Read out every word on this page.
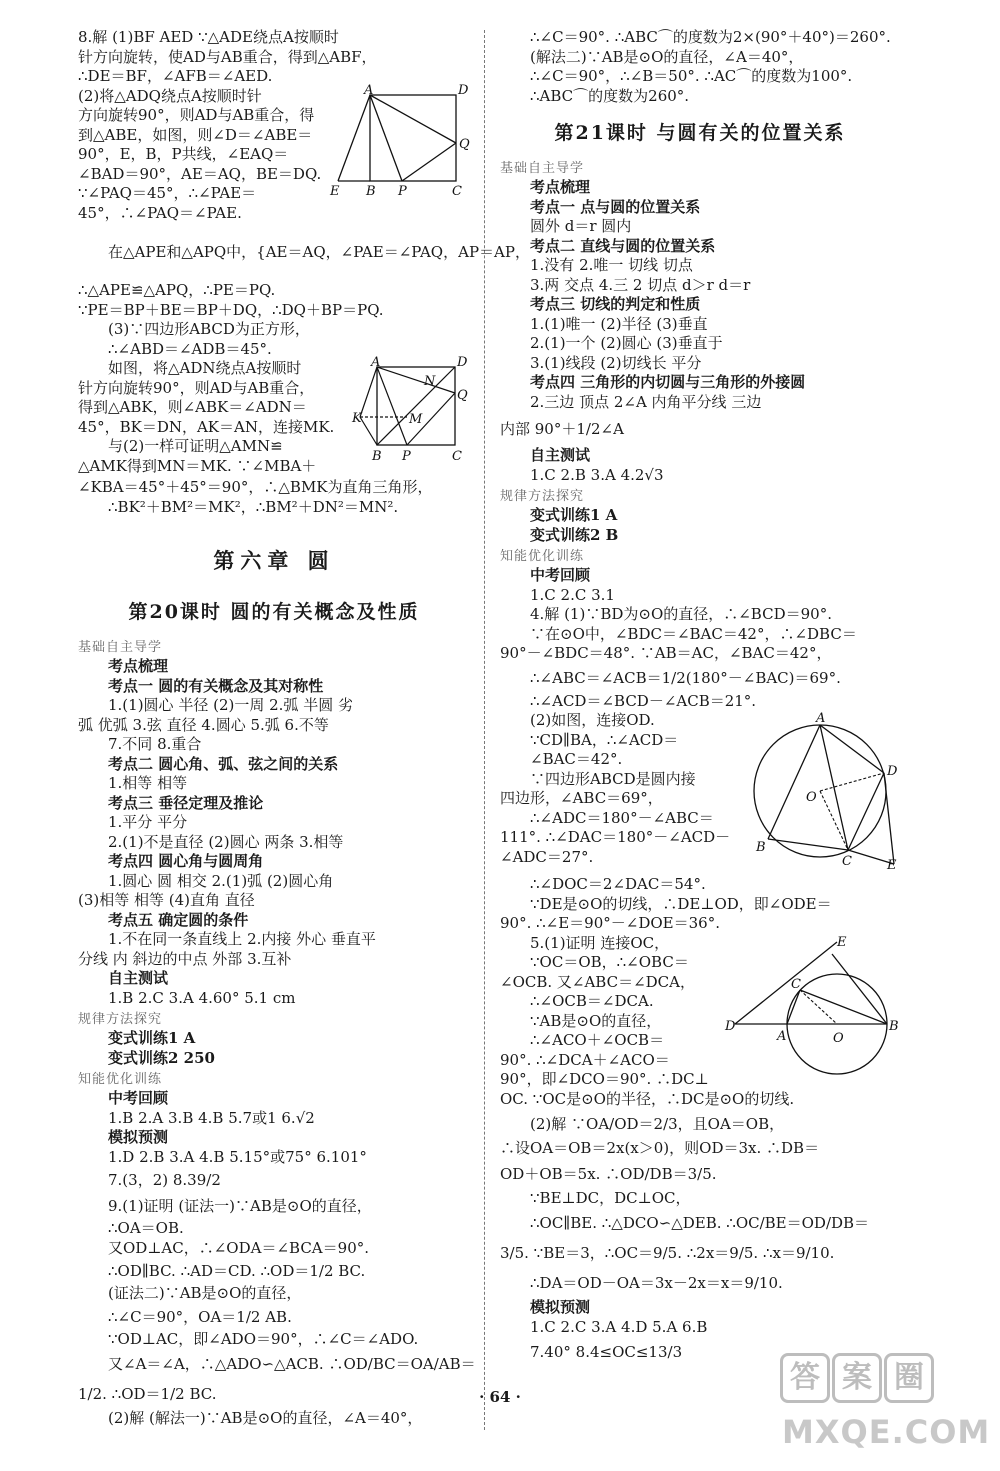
8.解 (1)BF AED ∵△ADE绕点A按顺时
针方向旋转，使AD与AB重合，得到△ABF，
∴DE＝BF，∠AFB＝∠AED.
(2)将△ADQ绕点A按顺时针
方向旋转90°，则AD与AB重合，得
到△ABE，如图，则∠D＝∠ABE＝
90°，E，B，P共线，∠EAQ＝
∠BAD＝90°，AE＝AQ，BE＝DQ.
∵∠PAQ＝45°，∴∠PAE＝
45°，∴∠PAQ＝∠PAE.
A	D
Q
E B P	C
在△APE和△APQ中，{AE＝AQ，∠PAE＝∠PAQ，AP＝AP，
∴△APE≌△APQ，∴PE＝PQ.
∵PE＝BP＋BE＝BP＋DQ，∴DQ＋BP＝PQ.
(3)∵四边形ABCD为正方形，
∴∠ABD＝∠ADB＝45°.
如图，将△ADN绕点A按顺时
针方向旋转90°，则AD与AB重合，
得到△ABK，则∠ABK＝∠ADN＝
45°，BK＝DN，AK＝AN，连接MK.
与(2)一样可证明△AMN≌
△AMK得到MN＝MK. ∵∠MBA＋
A	D
N
Q
K	M
B P	C
∠KBA＝45°＋45°＝90°，∴△BMK为直角三角形，
∴BK²＋BM²＝MK²，∴BM²＋DN²＝MN².
第六章 圆
第20课时 圆的有关概念及性质
基础自主导学
考点梳理
考点一 圆的有关概念及其对称性
1.(1)圆心 半径 (2)一周 2.弧 半圆 劣
弧 优弧 3.弦 直径 4.圆心 5.弧 6.不等
7.不同 8.重合
考点二 圆心角、弧、弦之间的关系
1.相等 相等
考点三 垂径定理及推论
1.平分 平分
2.(1)不是直径 (2)圆心 两条 3.相等
考点四 圆心角与圆周角
1.圆心 圆 相交 2.(1)弧 (2)圆心角
(3)相等 相等 (4)直角 直径
考点五 确定圆的条件
1.不在同一条直线上 2.内接 外心 垂直平
分线 内 斜边的中点 外部 3.互补
自主测试
1.B 2.C 3.A 4.60° 5.1 cm
规律方法探究
变式训练1 A
变式训练2 250
知能优化训练
中考回顾
1.B 2.A 3.B 4.B 5.7或1 6.√2
模拟预测
1.D 2.B 3.A 4.B 5.15°或75° 6.101°
7.(3，2) 8.39/2
9.(1)证明 (证法一)∵AB是⊙O的直径，
∴OA＝OB.
又OD⊥AC，∴∠ODA＝∠BCA＝90°.
∴OD∥BC. ∴AD＝CD. ∴OD＝1/2 BC.
(证法二)∵AB是⊙O的直径，
∴∠C＝90°，OA＝1/2 AB.
∵OD⊥AC，即∠ADO＝90°，∴∠C＝∠ADO.
又∠A＝∠A，∴△ADO∽△ACB. ∴OD/BC＝OA/AB＝
1/2. ∴OD＝1/2 BC.
(2)解 (解法一)∵AB是⊙O的直径，∠A＝40°，
∴∠C＝90°. ∴ABC⌒的度数为2×(90°＋40°)＝260°.
(解法二)∵AB是⊙O的直径，∠A＝40°，
∴∠C＝90°，∴∠B＝50°. ∴AC⌒的度数为100°.
∴ABC⌒的度数为260°.
第21课时 与圆有关的位置关系
基础自主导学
考点梳理
考点一 点与圆的位置关系
圆外 d＝r 圆内
考点二 直线与圆的位置关系
1.没有 2.唯一 切线 切点
3.两 交点 4.三 2 切点 d＞r d＝r
考点三 切线的判定和性质
1.(1)唯一 (2)半径 (3)垂直
2.(1)一个 (2)圆心 (3)垂直于
3.(1)线段 (2)切线长 平分
考点四 三角形的内切圆与三角形的外接圆
2.三边 顶点 2∠A 内角平分线 三边
内部 90°＋1/2∠A
自主测试
1.C 2.B 3.A 4.2√3
规律方法探究
变式训练1 A
变式训练2 B
知能优化训练
中考回顾
1.C 2.C 3.1
4.解 (1)∵BD为⊙O的直径，∴∠BCD＝90°.
∵在⊙O中，∠BDC＝∠BAC＝42°，∴∠DBC＝
90°－∠BDC＝48°. ∵AB＝AC，∠BAC＝42°，
∴∠ABC＝∠ACB＝1/2(180°－∠BAC)＝69°.
∴∠ACD＝∠BCD－∠ACB＝21°.
(2)如图，连接OD.
∵CD∥BA，∴∠ACD＝
∠BAC＝42°.
∵四边形ABCD是圆内接
四边形，∠ABC＝69°，
∴∠ADC＝180°－∠ABC＝
111°. ∴∠DAC＝180°－∠ACD－
∠ADC＝27°.
A
D
O
B
C	E
∴∠DOC＝2∠DAC＝54°.
∵DE是⊙O的切线，∴DE⊥OD，即∠ODE＝
90°. ∴∠E＝90°－∠DOE＝36°.
5.(1)证明 连接OC，
∵OC＝OB，∴∠OBC＝
∠OCB. 又∠ABC＝∠DCA，
∴∠OCB＝∠DCA.
∵AB是⊙O的直径，
∴∠ACO＋∠OCB＝
90°. ∴∠DCA＋∠ACO＝
90°，即∠DCO＝90°. ∴DC⊥
E
C
D
A	O
B
OC. ∵OC是⊙O的半径，∴DC是⊙O的切线.
(2)解 ∵OA/OD＝2/3，且OA＝OB，
∴设OA＝OB＝2x(x＞0)，则OD＝3x. ∴DB＝
OD＋OB＝5x. ∴OD/DB＝3/5.
∵BE⊥DC，DC⊥OC，
∴OC∥BE. ∴△DCO∽△DEB. ∴OC/BE＝OD/DB＝
3/5. ∵BE＝3，∴OC＝9/5. ∴2x＝9/5. ∴x＝9/10.
∴DA＝OD－OA＝3x－2x＝x＝9/10.
模拟预测
1.C 2.C 3.A 4.D 5.A 6.B
7.40° 8.4≤OC≤13/3
· 64 ·
答 案 圈
MXQE.COM
